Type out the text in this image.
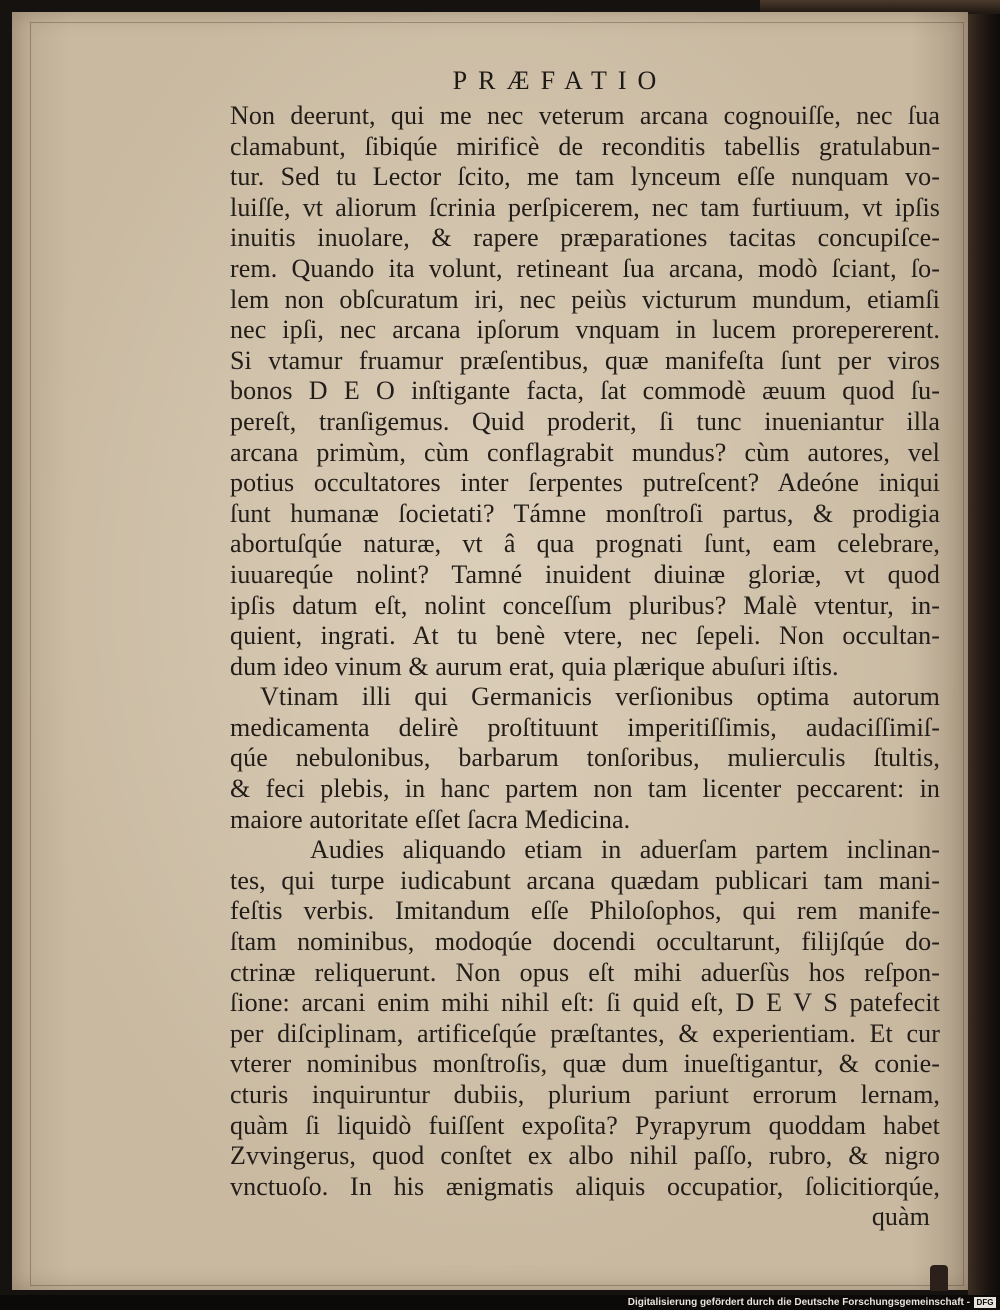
PRÆFATIO
Non deerunt, qui me nec veterum arcana cognouiſſe, nec ſua
clamabunt, ſibiqúe mirificè de reconditis tabellis gratulabun-
tur. Sed tu Lector ſcito, me tam lynceum eſſe nunquam vo-
luiſſe, vt aliorum ſcrinia perſpicerem, nec tam furtiuum, vt ipſis
inuitis inuolare, & rapere præparationes tacitas concupiſce-
rem. Quando ita volunt, retineant ſua arcana, modò ſciant, ſo-
lem non obſcuratum iri, nec peiùs victurum mundum, etiamſi
nec ipſi, nec arcana ipſorum vnquam in lucem prorepererent.
Si vtamur fruamur præſentibus, quæ manifeſta ſunt per viros
bonos D E O inſtigante facta, ſat commodè æuum quod ſu-
pereſt, tranſigemus. Quid proderit, ſi tunc inueniantur illa
arcana primùm, cùm conflagrabit mundus? cùm autores, vel
potius occultatores inter ſerpentes putreſcent? Adeóne iniqui
ſunt humanæ ſocietati? Támne monſtroſi partus, & prodigia
abortuſqúe naturæ, vt â qua prognati ſunt, eam celebrare,
iuuareqúe nolint? Tamné inuident diuinæ gloriæ, vt quod
ipſis datum eſt, nolint conceſſum pluribus? Malè vtentur, in-
quient, ingrati. At tu benè vtere, nec ſepeli. Non occultan-
dum ideo vinum & aurum erat, quia plærique abuſuri iſtis.
Vtinam illi qui Germanicis verſionibus optima autorum
medicamenta delirè proſtituunt imperitiſſimis, audaciſſimiſ-
qúe nebulonibus, barbarum tonſoribus, mulierculis ſtultis,
& feci plebis, in hanc partem non tam licenter peccarent: in
maiore autoritate eſſet ſacra Medicina.
Audies aliquando etiam in aduerſam partem inclinan-
tes, qui turpe iudicabunt arcana quædam publicari tam mani-
feſtis verbis. Imitandum eſſe Philoſophos, qui rem manife-
ſtam nominibus, modoqúe docendi occultarunt, filijſqúe do-
ctrinæ reliquerunt. Non opus eſt mihi aduerſùs hos reſpon-
ſione: arcani enim mihi nihil eſt: ſi quid eſt, D E V S patefecit
per diſciplinam, artificeſqúe præſtantes, & experientiam. Et cur
vterer nominibus monſtroſis, quæ dum inueſtigantur, & conie-
cturis inquiruntur dubiis, plurium pariunt errorum lernam,
quàm ſi liquidò fuiſſent expoſita? Pyrapyrum quoddam habet
Zvvingerus, quod conſtet ex albo nihil paſſo, rubro, & nigro
vnctuoſo. In his ænigmatis aliquis occupatior, ſolicitiorqúe,
quàm
Digitalisierung gefördert durch die Deutsche Forschungsgemeinschaft - DFG
